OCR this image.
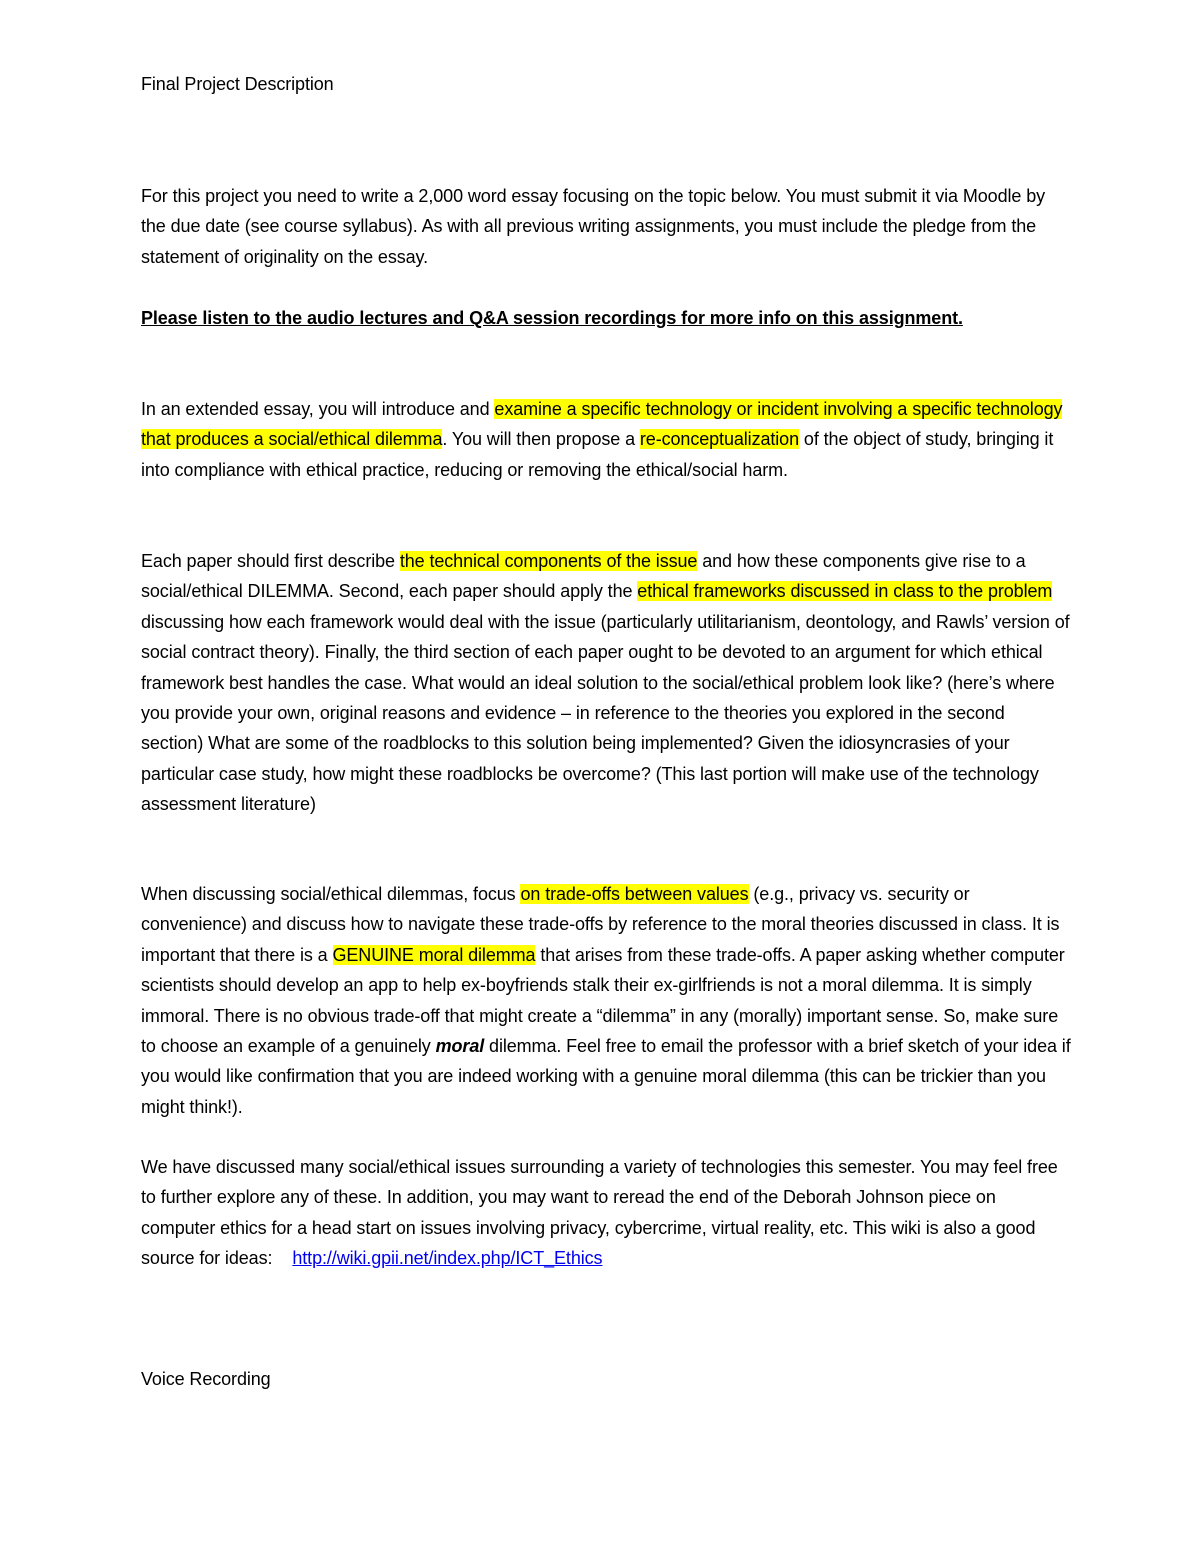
Final Project Description

For this project you need to write a 2,000 word essay focusing on the topic below. You must submit it via Moodle by the due date (see course syllabus). As with all previous writing assignments, you must include the pledge from the statement of originality on the essay.

Please listen to the audio lectures and Q&A session recordings for more info on this assignment.

In an extended essay, you will introduce and examine a specific technology or incident involving a specific technology that produces a social/ethical dilemma. You will then propose a re-conceptualization of the object of study, bringing it into compliance with ethical practice, reducing or removing the ethical/social harm.

Each paper should first describe the technical components of the issue and how these components give rise to a social/ethical DILEMMA. Second, each paper should apply the ethical frameworks discussed in class to the problem discussing how each framework would deal with the issue (particularly utilitarianism, deontology, and Rawls’ version of social contract theory). Finally, the third section of each paper ought to be devoted to an argument for which ethical framework best handles the case. What would an ideal solution to the social/ethical problem look like? (here’s where you provide your own, original reasons and evidence – in reference to the theories you explored in the second section) What are some of the roadblocks to this solution being implemented? Given the idiosyncrasies of your particular case study, how might these roadblocks be overcome? (This last portion will make use of the technology assessment literature)

When discussing social/ethical dilemmas, focus on trade-offs between values (e.g., privacy vs. security or convenience) and discuss how to navigate these trade-offs by reference to the moral theories discussed in class. It is important that there is a GENUINE moral dilemma that arises from these trade-offs. A paper asking whether computer scientists should develop an app to help ex-boyfriends stalk their ex-girlfriends is not a moral dilemma. It is simply immoral. There is no obvious trade-off that might create a “dilemma” in any (morally) important sense. So, make sure to choose an example of a genuinely moral dilemma. Feel free to email the professor with a brief sketch of your idea if you would like confirmation that you are indeed working with a genuine moral dilemma (this can be trickier than you might think!).

We have discussed many social/ethical issues surrounding a variety of technologies this semester. You may feel free to further explore any of these. In addition, you may want to reread the end of the Deborah Johnson piece on computer ethics for a head start on issues involving privacy, cybercrime, virtual reality, etc. This wiki is also a good source for ideas: http://wiki.gpii.net/index.php/ICT_Ethics

Voice Recording
